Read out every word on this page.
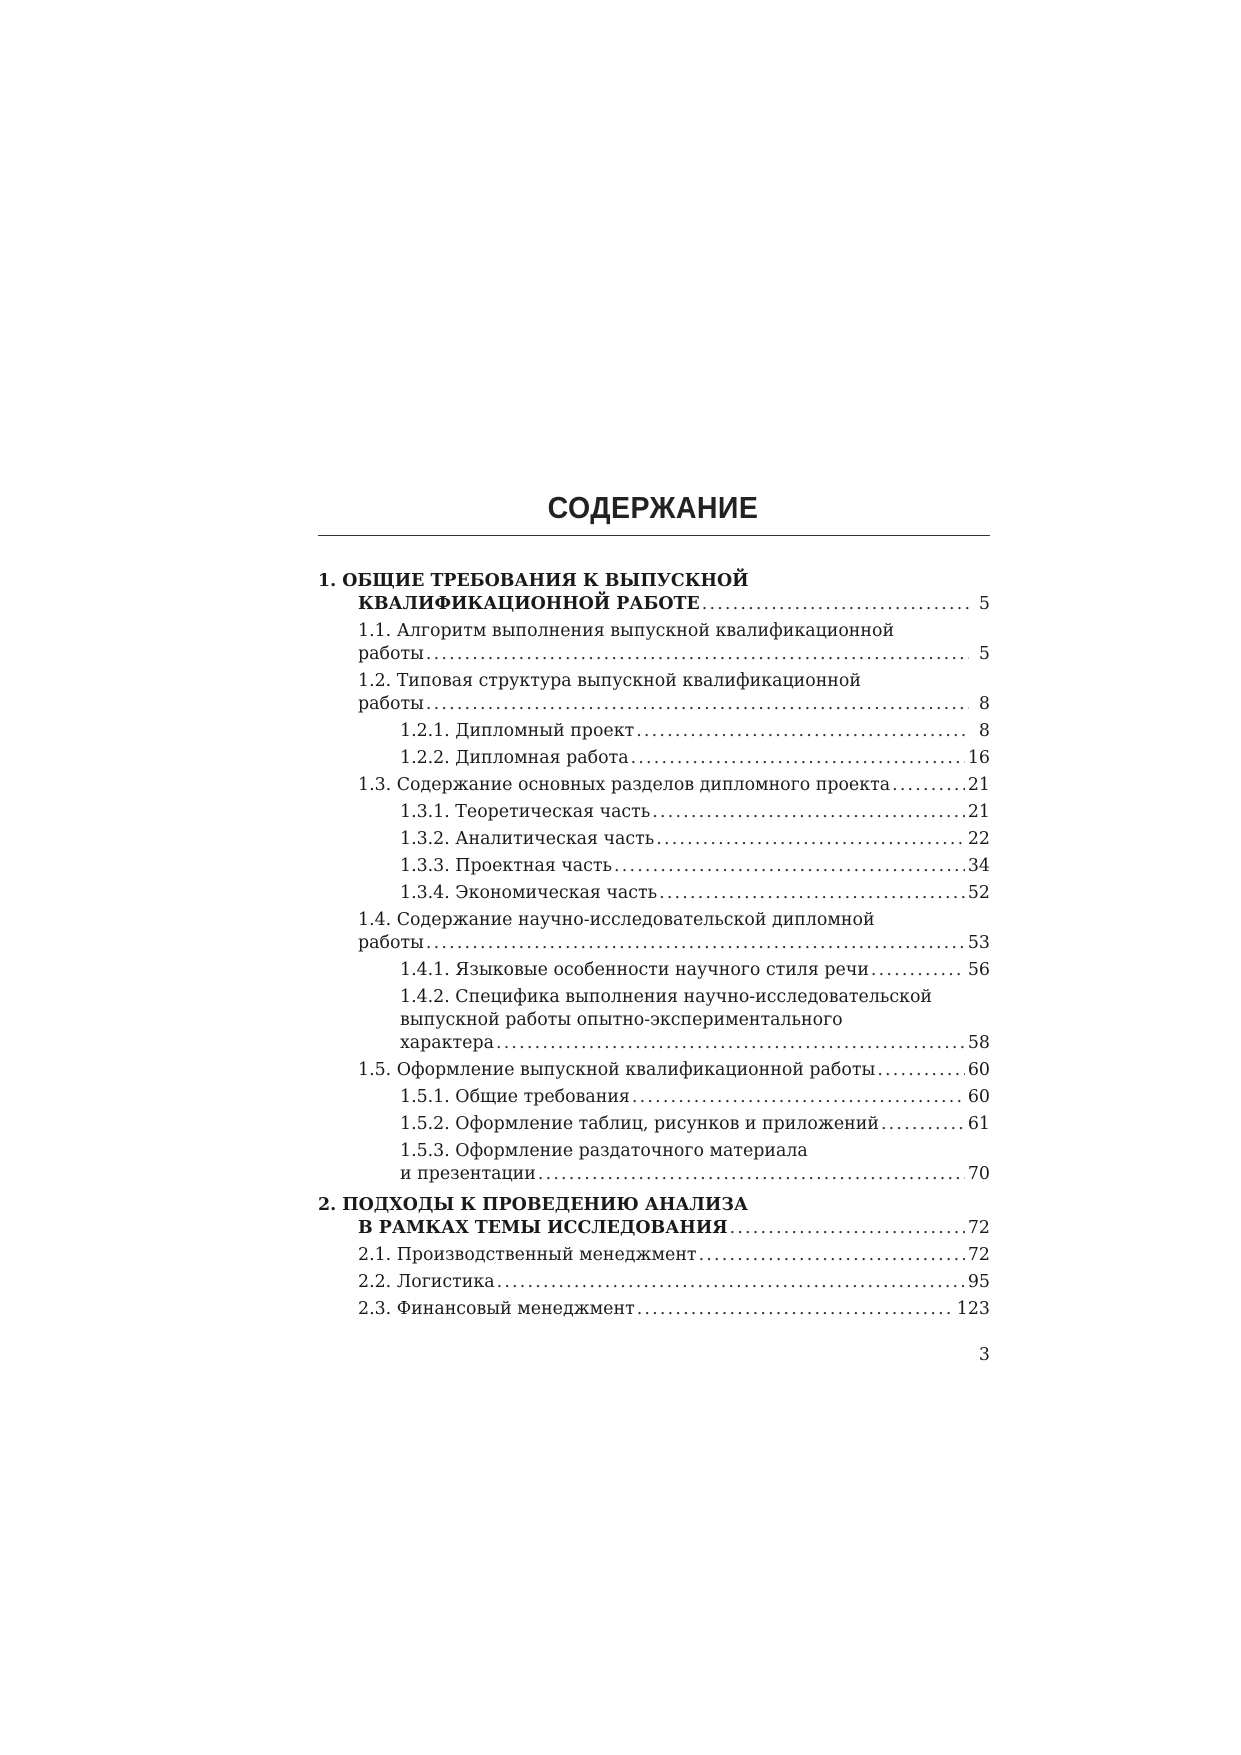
СОДЕРЖАНИЕ
1. ОБЩИЕ ТРЕБОВАНИЯ К ВЫПУСКНОЙ
КВАЛИФИКАЦИОННОЙ РАБОТЕ .....	5
1.1. Алгоритм выполнения выпускной квалификационной
работы .....	5
1.2. Типовая структура выпускной квалификационной
работы .....	8
1.2.1. Дипломный проект .....	8
1.2.2. Дипломная работа .....	16
1.3. Содержание основных разделов дипломного проекта .....	21
1.3.1. Теоретическая часть .....	21
1.3.2. Аналитическая часть .....	22
1.3.3. Проектная часть .....	34
1.3.4. Экономическая часть .....	52
1.4. Содержание научно-исследовательской дипломной
работы .....	53
1.4.1. Языковые особенности научного стиля речи .....	56
1.4.2. Специфика выполнения научно-исследовательской выпускной работы опытно-экспериментального
характера .....	58
1.5. Оформление выпускной квалификационной работы .....	60
1.5.1. Общие требования .....	60
1.5.2. Оформление таблиц, рисунков и приложений .....	61
1.5.3. Оформление раздаточного материала
и презентации .....	70
2. ПОДХОДЫ К ПРОВЕДЕНИЮ АНАЛИЗА
В РАМКАХ ТЕМЫ ИССЛЕДОВАНИЯ .....	72
2.1. Производственный менеджмент .....	72
2.2. Логистика .....	95
2.3. Финансовый менеджмент .....	123
3
